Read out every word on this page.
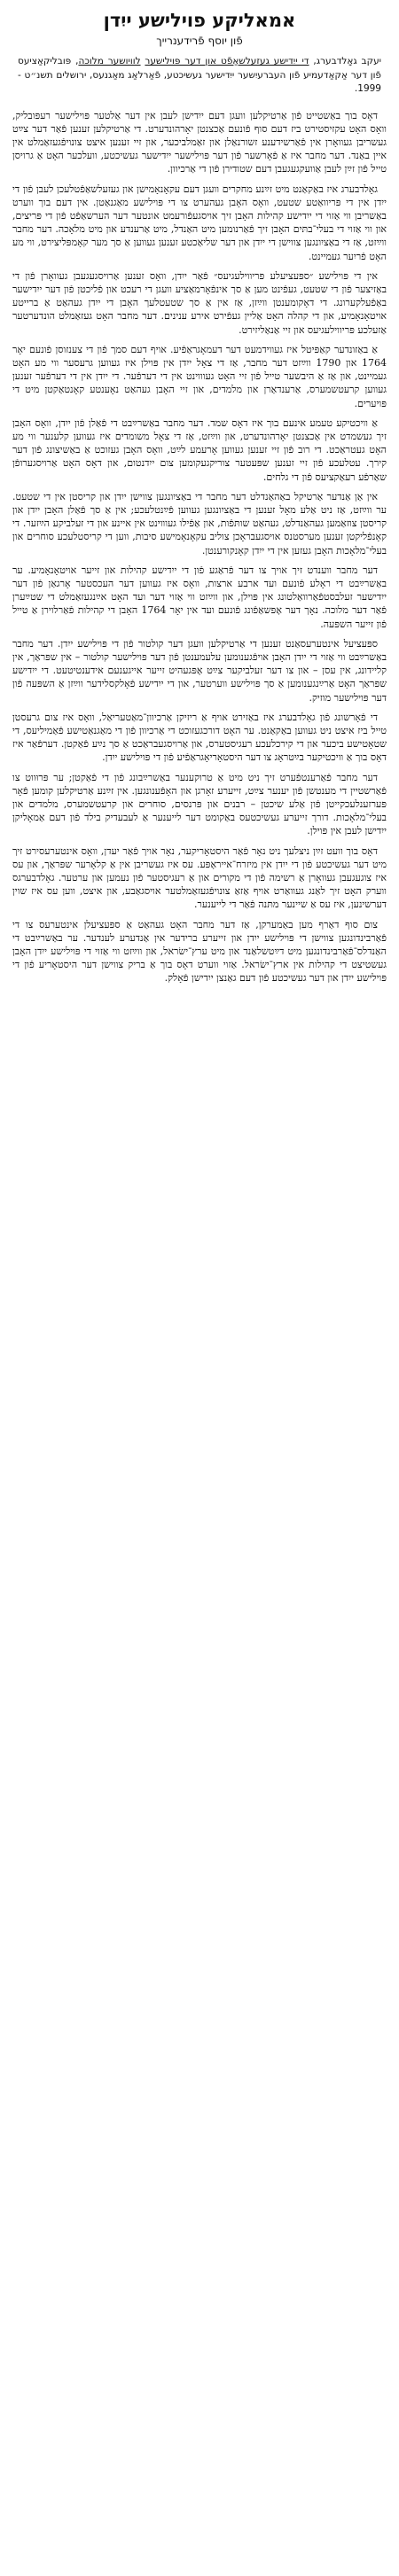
אמאליקע פוילישע ייִדן
פֿון יוסף פֿרידענרייך
יעקב גאָלדבערג, די ייִדישע געזעלשאַפֿט און דער פּוילישער לוויושער מלוכה, פּובליקאַציעס פֿון דער אַקאַדעמיע פֿון העברעיִשער ייִדישער געשיכטע, פֿאַרלאַג מאַגנעס, ירושלים תשנ״ט - 1999.

דאָס בוך באַשטייט פֿון אַרטיקלען וועגן דעם ייִדישן לעבן אין דער אַלטער פּוילישער רעפּובליק, וואָס האָט עקזיסטירט ביז דעם סוף פֿונעם אַכצנטן יאָרהונדערט. די אַרטיקלען זענען פֿאַר דער צײַט געשריבן געוואָרן אין פֿאַרשידענע זשורנאַלן און זאַמלביכער, און זיי זענען איצט צונויפֿגעזאַמלט אין איין באַנד. דער מחבר איז אַ פֿאָרשער פֿון דער פּוילישער ייִדישער געשיכטע, וועלכער האָט אַ גרויסן טייל פֿון זײַן לעבן אַוועקגעגעבן דעם שטודירן פֿון די אַרכיוון.

גאָלדבערג איז באַקאַנט מיט זײַנע מחקרים וועגן דעם עקאָנאָמישן און געזעלשאַפֿטלעכן לעבן פֿון די ייִדן אין די פּריוואַטע שטעט, וואָס האָבן געהערט צו די פּוילישע מאַגנאַטן. אין דעם בוך ווערט באַשריבן ווי אַזוי די ייִדישע קהילות האָבן זיך אויסגעפֿורעמט אונטער דער הערשאַפֿט פֿון די פּריצים, און ווי אַזוי די בעלי־בתּים האָבן זיך פֿאַרנומען מיט האַנדל, מיט אַרענדע און מיט מלאָכה. דער מחבר ווײַזט, אַז די באַציִונגען צווישן די ייִדן און דער שליאַכטע זענען געווען אַ סך מער קאָמפּליצירט, ווי מע האָט פֿריִער געמיינט.

אין די פּוילישע ״ספּעציעלע פּריווילעגיעס״ פֿאַר ייִדן, וואָס זענען אַרויסגעגעבן געוואָרן פֿון די באַזיצער פֿון די שטעט, געפֿינט מען אַ סך אינפֿאָרמאַציע וועגן די רעכט און פֿליכטן פֿון דער ייִדישער באַפֿעלקערונג. די דאָקומענטן ווײַזן, אַז אין אַ סך שטעטלעך האָבן די ייִדן געהאַט אַ ברייטע אויטאָנאָמיע, און די קהלה האָט אַליין געפֿירט אירע ענינים. דער מחבר האָט געזאַמלט הונדערטער אַזעלכע פּריווילעגיעס און זיי אַנאַליזירט.

אַ באַזונדער קאַפּיטל איז געווידמעט דער דעמאָגראַפֿיע. אויף דעם סמך פֿון די צענזוסן פֿונעם יאָר 1764 און 1790 ווײַזט דער מחבר, אַז די צאָל ייִדן אין פּוילן איז געווען גרעסער ווי מע האָט געמיינט, און אַז אַ היבשער טייל פֿון זיי האָט געוווינט אין די דערפֿער. די ייִדן אין די דערפֿער זענען געווען קרעטשמערס, אַרענדאַרן און מלמדים, און זיי האָבן געהאַט נאָענטע קאָנטאַקטן מיט די פּויערים.

אַ וויכטיקע טעמע אינעם בוך איז דאָס שמד. דער מחבר באַשרײַבט די פֿאַלן פֿון ייִדן, וואָס האָבן זיך געשמדט אין אַכצנטן יאָרהונדערט, און ווײַזט, אַז די צאָל משומדים איז געווען קלענער ווי מע האָט געטראַכט. די רוב פֿון זיי זענען געווען אָרעמע לײַט, וואָס האָבן געזוכט אַ באַשיצונג פֿון דער קירך. עטלעכע פֿון זיי זענען שפּעטער צוריקגעקומען צום ייִדנטום, און דאָס האָט אַרויסגערופֿן שאַרפֿע רעאַקציעס פֿון די גלחים.

אין אַן אַנדער אַרטיקל באַהאַנדלט דער מחבר די באַציִונגען צווישן ייִדן און קריסטן אין די שטעט. ער ווײַזט, אַז ניט אַלע מאָל זענען די באַציִונגען געווען פֿײַנטלעכע; אין אַ סך פֿאַלן האָבן ייִדן און קריסטן צוזאַמען געהאַנדלט, געהאַט שותּפֿות, און אַפֿילו געוווינט אין איינע און די זעלביקע הײַזער. די קאָנפֿליקטן זענען מערסטנס אויסגעבראָכן צוליב עקאָנאָמישע סיבות, ווען די קריסטלעכע סוחרים און בעלי־מלאָכות האָבן געזען אין די ייִדן קאָנקורענטן.

דער מחבר ווענדט זיך אויך צו דער פֿראַגע פֿון די ייִדישע קהילות און זייער אויטאָנאָמיע. ער באַשרײַבט די ראָלע פֿונעם ועד ארבע ארצות, וואָס איז געווען דער העכסטער אָרגאַן פֿון דער ייִדישער זעלבסטפֿאַרוואַלטונג אין פּוילן, און ווײַזט ווי אַזוי דער ועד האָט אײַנגעזאַמלט די שטײַערן פֿאַר דער מלוכה. נאָך דער אָפּשאַפֿונג פֿונעם ועד אין יאָר 1764 האָבן די קהילות פֿאַרלוירן אַ טייל פֿון זייער השפּעה.

ספּעציעל אינטערעסאַנט זענען די אַרטיקלען וועגן דער קולטור פֿון די פּוילישע ייִדן. דער מחבר באַשרײַבט ווי אַזוי די ייִדן האָבן אויפֿגענומען עלעמענטן פֿון דער פּוילישער קולטור – אין שפּראַך, אין קליידונג, אין עסן – און צו דער זעלביקער צײַט אָפּגעהיט זייער אייגענעם אידענטיטעט. די ייִדישע שפּראַך האָט אַרײַנגענומען אַ סך פּוילישע ווערטער, און די ייִדישע פֿאָלקסלידער ווײַזן אַ השפּעה פֿון דער פּוילישער מוזיק.

די פֿאָרשונג פֿון גאָלדבערג איז באַזירט אויף אַ ריזיקן אַרכיוון־מאַטעריאַל, וואָס איז צום גרעסטן טייל ביז איצט ניט געווען באַקאַנט. ער האָט דורכגעזוכט די אַרכיוון פֿון די מאַגנאַטישע פֿאַמיליעס, די שטאָטישע ביכער און די קירכלעכע רעגיסטערס, און אַרויסגעבראַכט אַ סך נײַע פֿאַקטן. דערפֿאַר איז דאָס בוך אַ וויכטיקער בײַטראָג צו דער היסטאָריאָגראַפֿיע פֿון די פּוילישע ייִדן.

דער מחבר פֿאַרענטפֿערט זיך ניט מיט אַ טרוקענער באַשרײַבונג פֿון די פֿאַקטן; ער פּרוּווט צו פֿאַרשטיין די מענטשן פֿון יענער צײַט, זייערע זאָרגן און האָפֿענונגען. אין זײַנע אַרטיקלען קומען פֿאָר פּערזענלעכקייטן פֿון אַלע שיכטן – רבנים און פּרנסים, סוחרים און קרעטשמערס, מלמדים און בעלי־מלאָכות. דורך זייערע געשיכטעס באַקומט דער לייענער אַ לעבעדיק בילד פֿון דעם אַמאָליקן ייִדישן לעבן אין פּוילן.

דאָס בוך וועט זײַן ניצלעך ניט נאָר פֿאַר היסטאָריקער, נאָר אויך פֿאַר יעדן, וואָס אינטערעסירט זיך מיט דער געשיכטע פֿון די ייִדן אין מיזרח־אייראָפּע. עס איז געשריבן אין אַ קלאָרער שפּראַך, און עס איז צוגעגעבן געוואָרן אַ רשימה פֿון די מקורים און אַ רעגיסטער פֿון נעמען און ערטער. גאָלדבערגס ווערק האָט זיך לאַנג געוואַרט אויף אַזאַ צונויפֿגעזאַמלטער אויסגאַבע, און איצט, ווען עס איז שוין דערשינען, איז עס אַ שיינער מתּנה פֿאַר די לייענער.

צום סוף דאַרף מען באַמערקן, אַז דער מחבר האָט געהאַט אַ ספּעציעלן אינטערעס צו די פֿאַרבינדונגען צווישן די פּוילישע ייִדן און זייערע ברידער אין אַנדערע לענדער. ער באַשרײַבט די האַנדלס־פֿאַרבינדונגען מיט דײַטשלאַנד און מיט ערץ־ישׂראל, און ווײַזט ווי אַזוי די פּוילישע ייִדן האָבן געשטיצט די קהילות אין ארץ־ישׂראל. אַזוי ווערט דאָס בוך אַ בריק צווישן דער היסטאָריע פֿון די פּוילישע ייִדן און דער געשיכטע פֿון דעם גאַנצן ייִדישן פֿאָלק.
